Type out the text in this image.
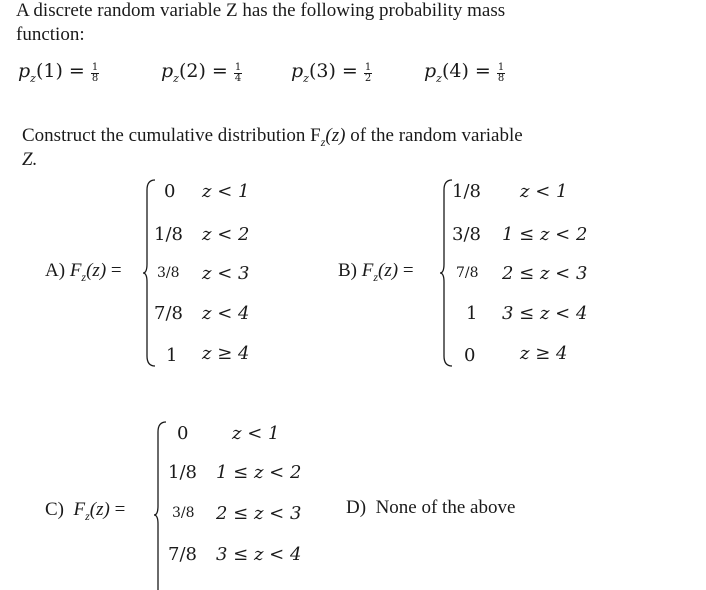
A discrete random variable Z has the following probability mass
function:
$p_z(1) = \frac{1}{8}$	$p_z(2) = \frac{1}{4}$	$p_z(3) = \frac{1}{2}$	$p_z(4) = \frac{1}{8}$
Construct the cumulative distribution $F_z(z)$ of the random variable
Z.
A) $F_z(z)$ =
0 z < 1
1/8 z < 2
3/8 z < 3
7/8 z < 4
1 z ≥ 4
B) $F_z(z)$ =
1/8 z < 1
3/8 1 ≤ z < 2
7/8 2 ≤ z < 3
1 3 ≤ z < 4
0 z ≥ 4
C) $F_z(z)$ =
0 z < 1
1/8 1 ≤ z < 2
3/8 2 ≤ z < 3
7/8 3 ≤ z < 4
D) None of the above
